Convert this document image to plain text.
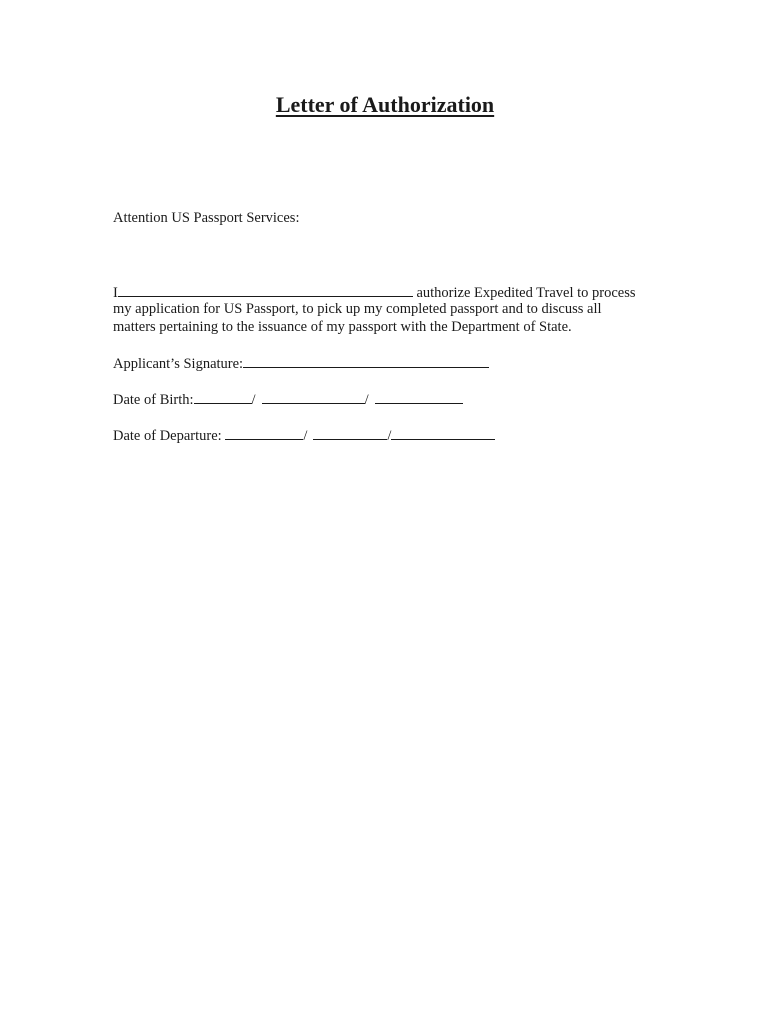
Letter of Authorization
Attention US Passport Services:
I	authorize Expedited Travel to process
my application for US Passport, to pick up my completed passport and to discuss all
matters pertaining to the issuance of my passport with the Department of State.
Applicant’s Signature:
Date of Birth:	/	/
Date of Departure:	/	/
